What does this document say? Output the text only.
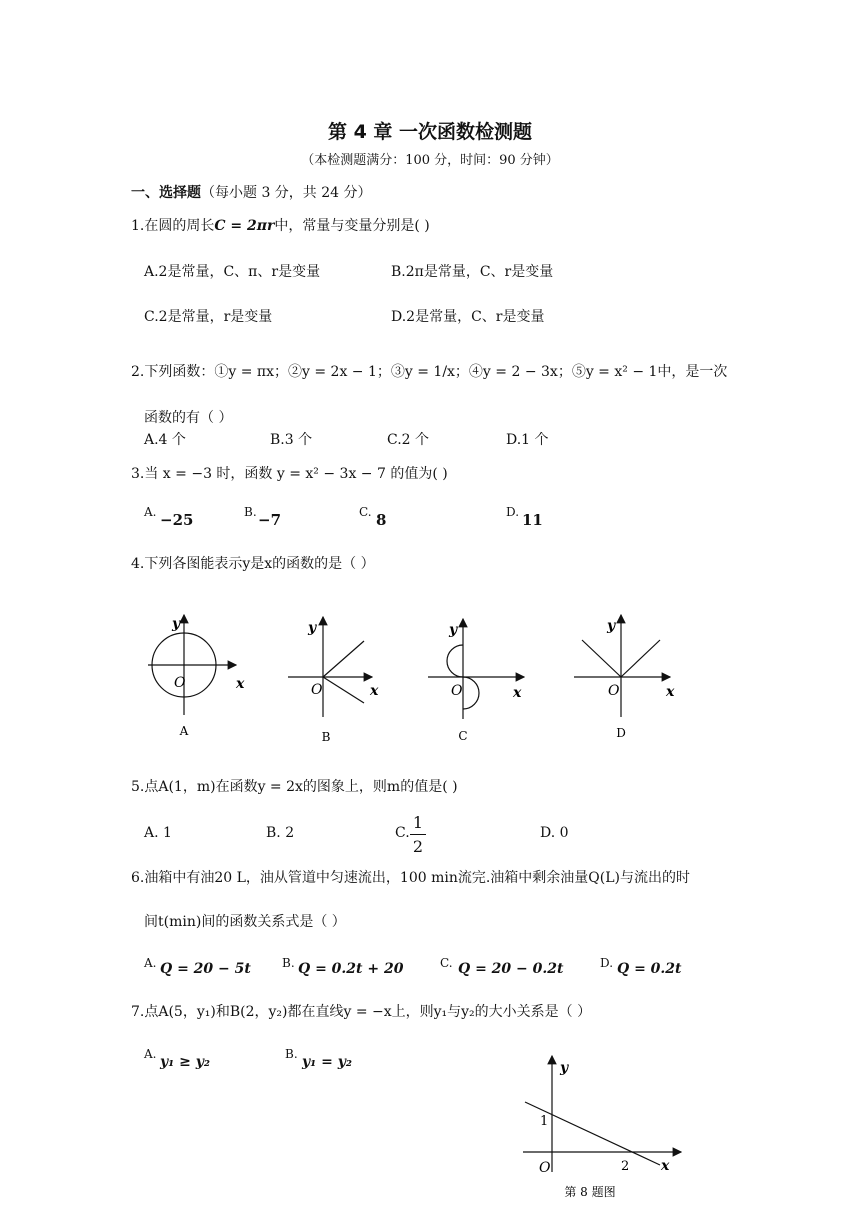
第 4 章 一次函数检测题
（本检测题满分：100 分，时间：90 分钟）
一、选择题（每小题 3 分，共 24 分）
1.在圆的周长C = 2πr中，常量与变量分别是( )
A.2是常量，C、π、r是变量	B.2π是常量，C、r是变量
C.2是常量，r是变量	D.2是常量，C、r是变量
2.下列函数：①y = πx；②y = 2x − 1；③y = 1/x；④y = 2 − 3x；⑤y = x² − 1中，是一次
函数的有（ ）
A.4 个	B.3 个	C.2 个	D.1 个
3.当 x = −3 时，函数 y = x² − 3x − 7 的值为( )
A. −25	B. −7	C. 8	D. 11
4.下列各图能表示y是x的函数的是（ ）
y
x
O
A
y
x
O
B
y
x
O
C
y
x
O
D
5.点A(1，m)在函数y = 2x的图象上，则m的值是( )
A. 1	B. 2	C.
1
2
D. 0
6.油箱中有油20 L，油从管道中匀速流出，100 min流完.油箱中剩余油量Q(L)与流出的时
间t(min)间的函数关系式是（ ）
A. Q = 20 − 5t	B. Q = 0.2t + 20	C. Q = 20 − 0.2t	D. Q = 0.2t
7.点A(5，y₁)和B(2，y₂)都在直线y = −x上，则y₁与y₂的大小关系是（ ）
A. y₁ ≥ y₂	B. y₁ = y₂	y
x
O
1
2
第 8 题图
